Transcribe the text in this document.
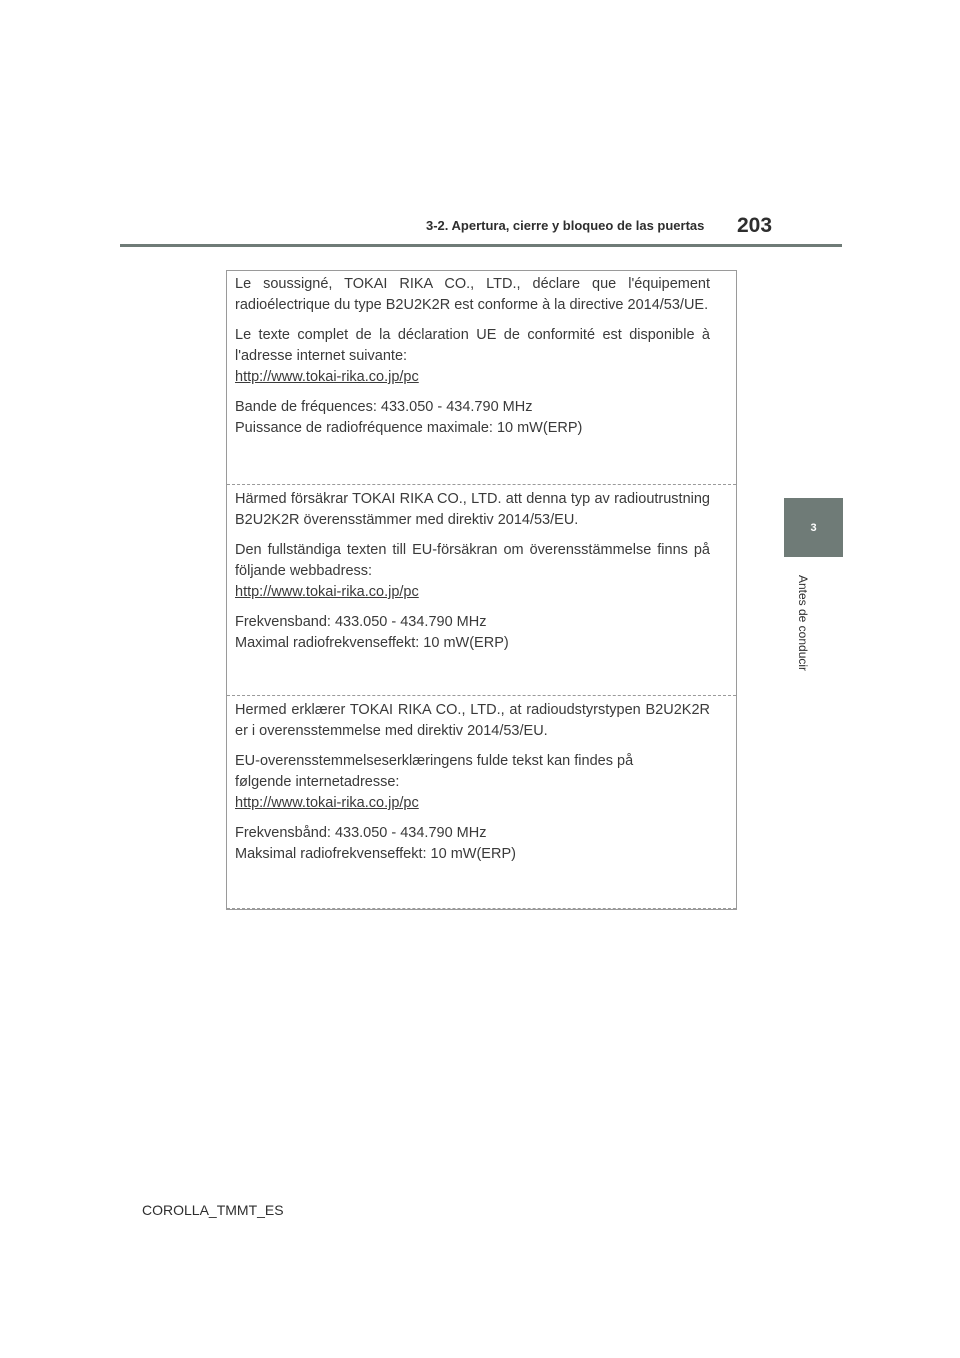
3-2. Apertura, cierre y bloqueo de las puertas 203
3
Antes de conducir

Le soussigné, TOKAI RIKA CO., LTD., déclare que l'équipement radioélectrique du type B2U2K2R est conforme à la directive 2014/53/UE.

Le texte complet de la déclaration UE de conformité est disponible à l'adresse internet suivante:

http://www.tokai-rika.co.jp/pc

Bande de fréquences: 433.050 - 434.790 MHz

Puissance de radiofréquence maximale: 10 mW(ERP)

Härmed försäkrar TOKAI RIKA CO., LTD. att denna typ av radioutrustning B2U2K2R överensstämmer med direktiv 2014/53/EU.

Den fullständiga texten till EU-försäkran om överensstämmelse finns på följande webbadress:

http://www.tokai-rika.co.jp/pc

Frekvensband: 433.050 - 434.790 MHz

Maximal radiofrekvenseffekt: 10 mW(ERP)

Hermed erklærer TOKAI RIKA CO., LTD., at radioudstyrstypen B2U2K2R er i overensstemmelse med direktiv 2014/53/EU.

EU-overensstemmelseserklæringens fulde tekst kan findes på følgende internetadresse:

http://www.tokai-rika.co.jp/pc

Frekvensbånd: 433.050 - 434.790 MHz

Maksimal radiofrekvenseffekt: 10 mW(ERP)

COROLLA_TMMT_ES
